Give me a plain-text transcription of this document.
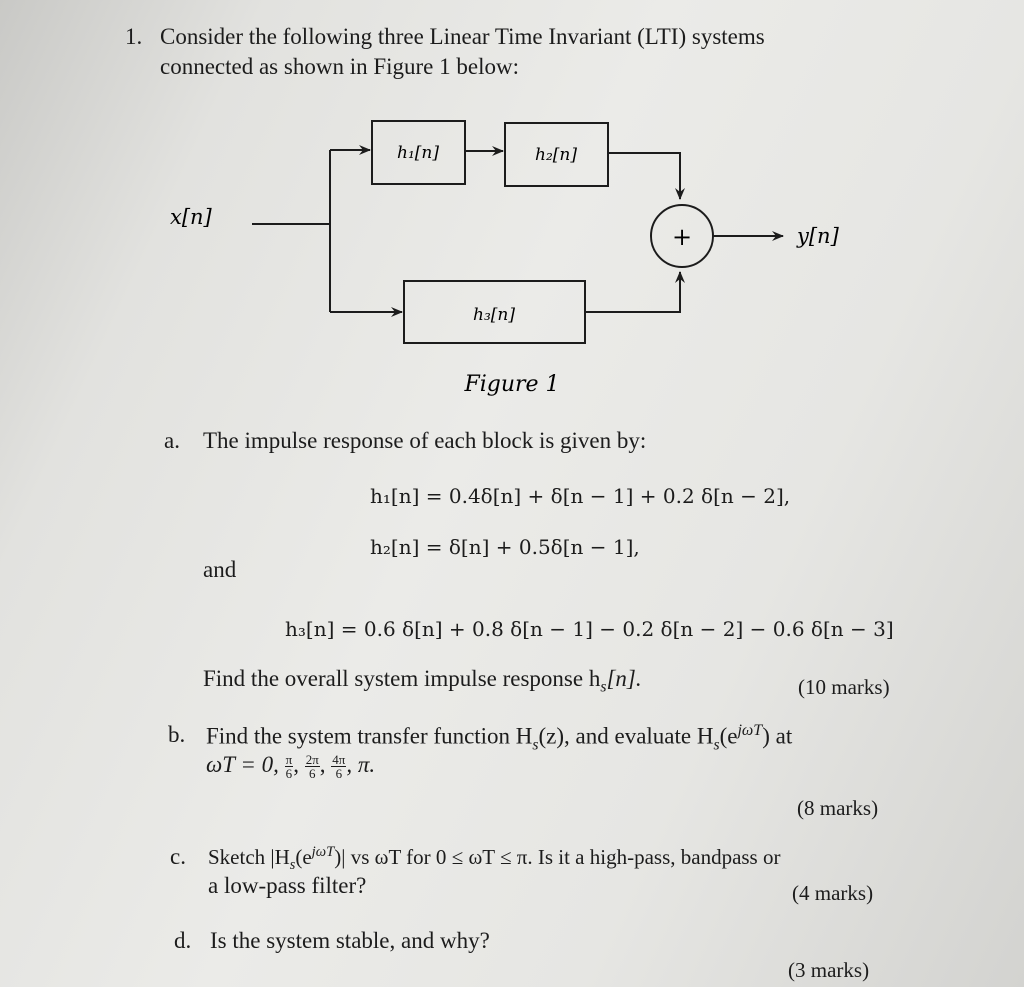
1. Consider the following three Linear Time Invariant (LTI) systems
connected as shown in Figure 1 below:
x[n]
h₁[n]	h₂[n]
h₃[n]
+	y[n]
Figure 1
a. The impulse response of each block is given by:
h₁[n] = 0.4δ[n] + δ[n − 1] + 0.2 δ[n − 2],
h₂[n] = δ[n] + 0.5δ[n − 1],
and
h₃[n] = 0.6 δ[n] + 0.8 δ[n − 1] − 0.2 δ[n − 2] − 0.6 δ[n − 3]
Find the overall system impulse response $h_s[n]$.	(10 marks)
b. Find the system transfer function $H_s(z)$, and evaluate $H_s(e^{j\omega T})$ at
ωT = 0, $\frac{\pi}{6}$ , $\frac{2\pi}{6}$ , $\frac{4\pi}{6}$ , π.
(8 marks)
c. Sketch $|H_s(e^{j\omega T})|$ vs ωT for 0 ≤ ωT ≤ π. Is it a high-pass, bandpass or
a low-pass filter?	(4 marks)
d. Is the system stable, and why?
(3 marks)
